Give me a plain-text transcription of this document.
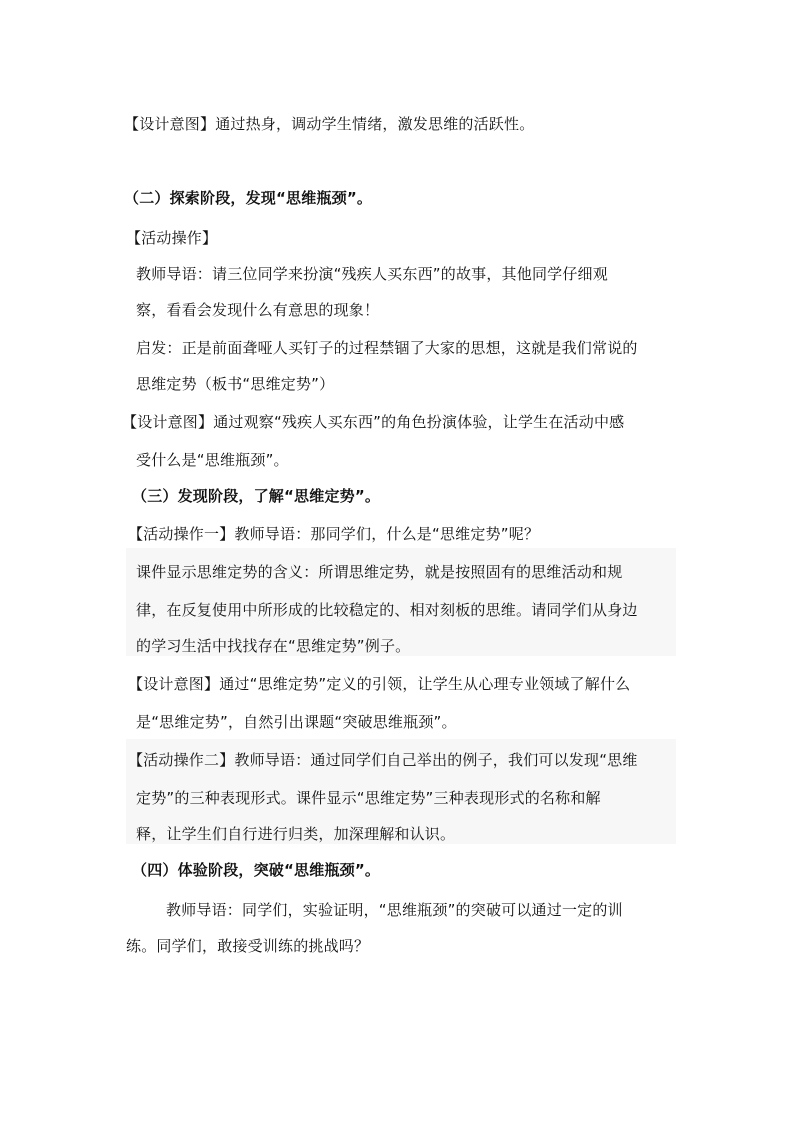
【设计意图】通过热身，调动学生情绪，激发思维的活跃性。
（二）探索阶段，发现“思维瓶颈”。
【活动操作】
教师导语：请三位同学来扮演“残疾人买东西”的故事，其他同学仔细观
察，看看会发现什么有意思的现象！
启发：正是前面聋哑人买钉子的过程禁锢了大家的思想，这就是我们常说的
思维定势（板书“思维定势”）
【设计意图】通过观察“残疾人买东西”的角色扮演体验，让学生在活动中感
受什么是“思维瓶颈”。
（三）发现阶段，了解“思维定势”。
【活动操作一】教师导语：那同学们，什么是“思维定势”呢？
课件显示思维定势的含义：所谓思维定势，就是按照固有的思维活动和规
律，在反复使用中所形成的比较稳定的、相对刻板的思维。请同学们从身边
的学习生活中找找存在“思维定势”例子。
【设计意图】通过“思维定势”定义的引领，让学生从心理专业领域了解什么
是“思维定势”，自然引出课题“突破思维瓶颈”。
【活动操作二】教师导语：通过同学们自己举出的例子，我们可以发现“思维
定势”的三种表现形式。课件显示“思维定势”三种表现形式的名称和解
释，让学生们自行进行归类，加深理解和认识。
（四）体验阶段，突破“思维瓶颈”。
教师导语：同学们，实验证明，“思维瓶颈”的突破可以通过一定的训
练。同学们，敢接受训练的挑战吗？
